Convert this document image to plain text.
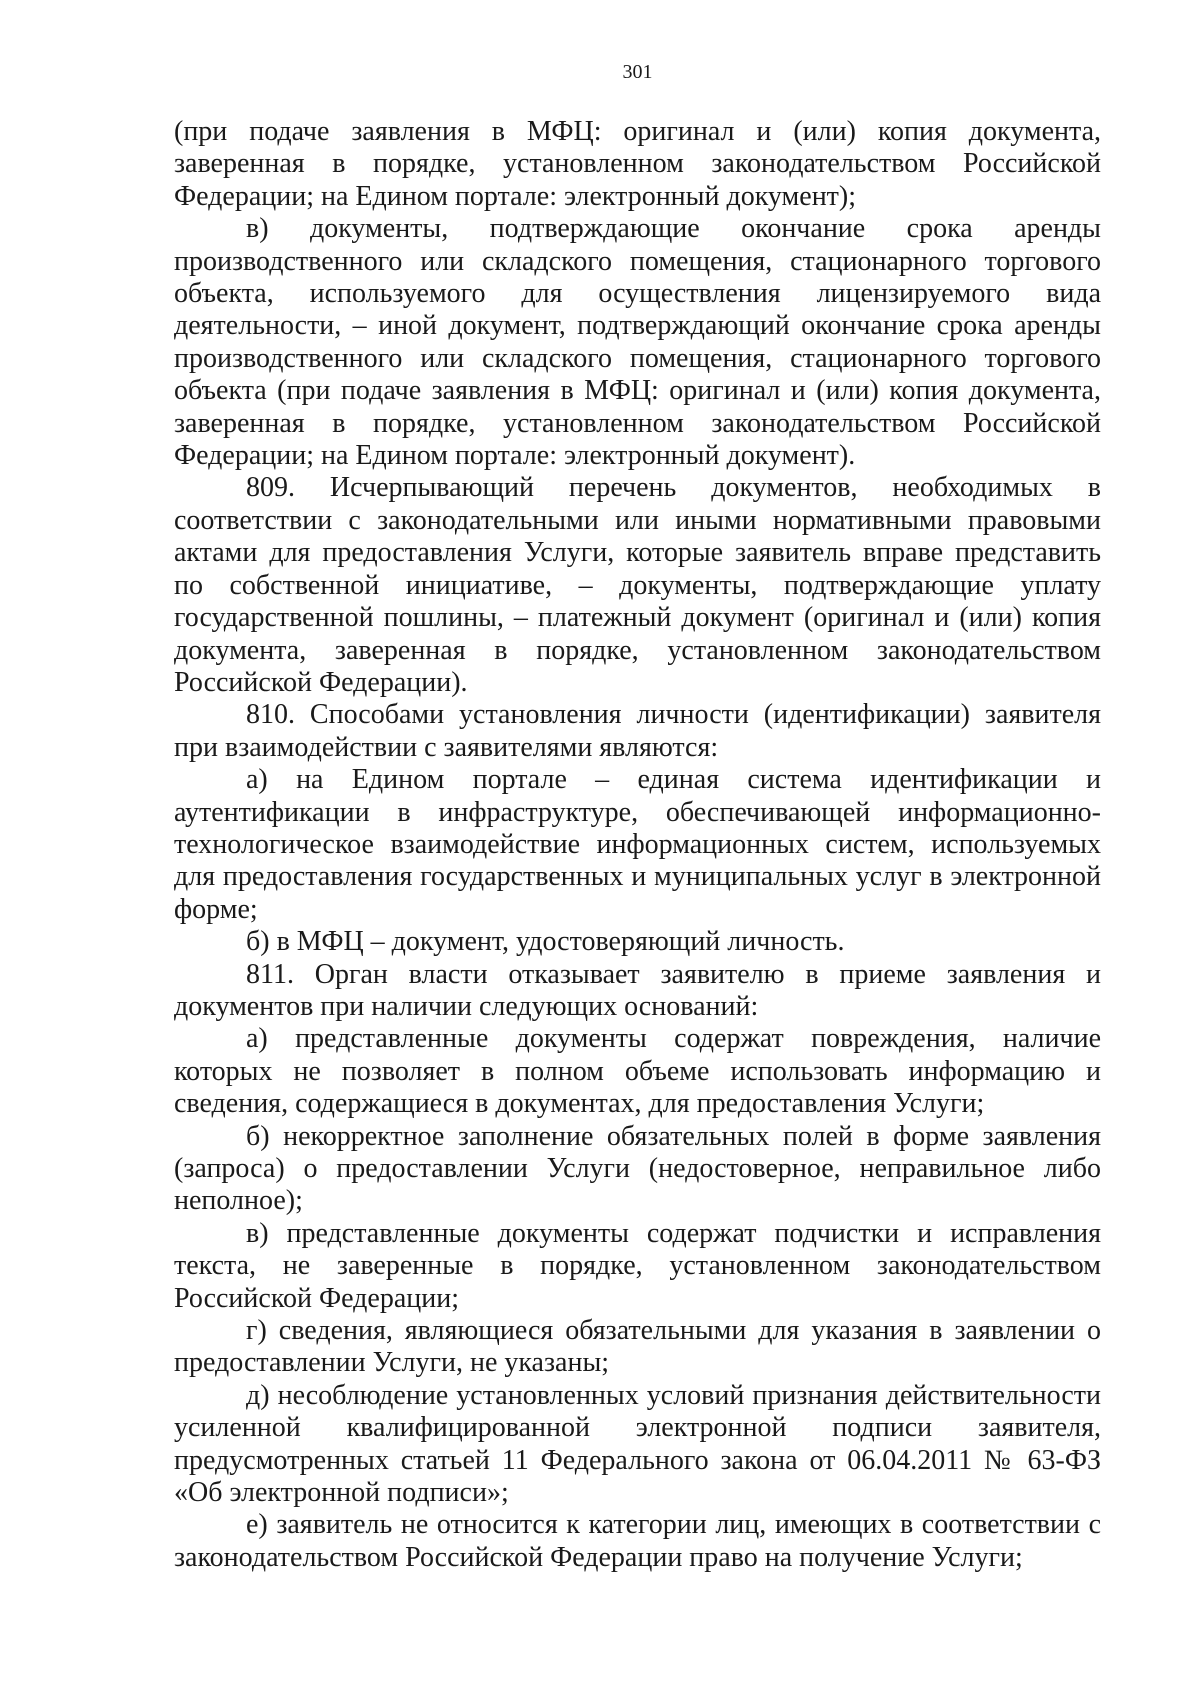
301

(при подаче заявления в МФЦ: оригинал и (или) копия документа, заверенная в порядке, установленном законодательством Российской Федерации; на Едином портале: электронный документ);

в) документы, подтверждающие окончание срока аренды производственного или складского помещения, стационарного торгового объекта, используемого для осуществления лицензируемого вида деятельности, – иной документ, подтверждающий окончание срока аренды производственного или складского помещения, стационарного торгового объекта (при подаче заявления в МФЦ: оригинал и (или) копия документа, заверенная в порядке, установленном законодательством Российской Федерации; на Едином портале: электронный документ).

809. Исчерпывающий перечень документов, необходимых в соответствии с законодательными или иными нормативными правовыми актами для предоставления Услуги, которые заявитель вправе представить по собственной инициативе, – документы, подтверждающие уплату государственной пошлины, – платежный документ (оригинал и (или) копия документа, заверенная в порядке, установленном законодательством Российской Федерации).

810. Способами установления личности (идентификации) заявителя при взаимодействии с заявителями являются:

а) на Едином портале – единая система идентификации и аутентификации в инфраструктуре, обеспечивающей информационно-технологическое взаимодействие информационных систем, используемых для предоставления государственных и муниципальных услуг в электронной форме;

б) в МФЦ – документ, удостоверяющий личность.

811. Орган власти отказывает заявителю в приеме заявления и документов при наличии следующих оснований:

а) представленные документы содержат повреждения, наличие которых не позволяет в полном объеме использовать информацию и сведения, содержащиеся в документах, для предоставления Услуги;

б) некорректное заполнение обязательных полей в форме заявления (запроса) о предоставлении Услуги (недостоверное, неправильное либо неполное);

в) представленные документы содержат подчистки и исправления текста, не заверенные в порядке, установленном законодательством Российской Федерации;

г) сведения, являющиеся обязательными для указания в заявлении о предоставлении Услуги, не указаны;

д) несоблюдение установленных условий признания действительности усиленной квалифицированной электронной подписи заявителя, предусмотренных статьей 11 Федерального закона от 06.04.2011 № 63-ФЗ «Об электронной подписи»;

е) заявитель не относится к категории лиц, имеющих в соответствии с законодательством Российской Федерации право на получение Услуги;
